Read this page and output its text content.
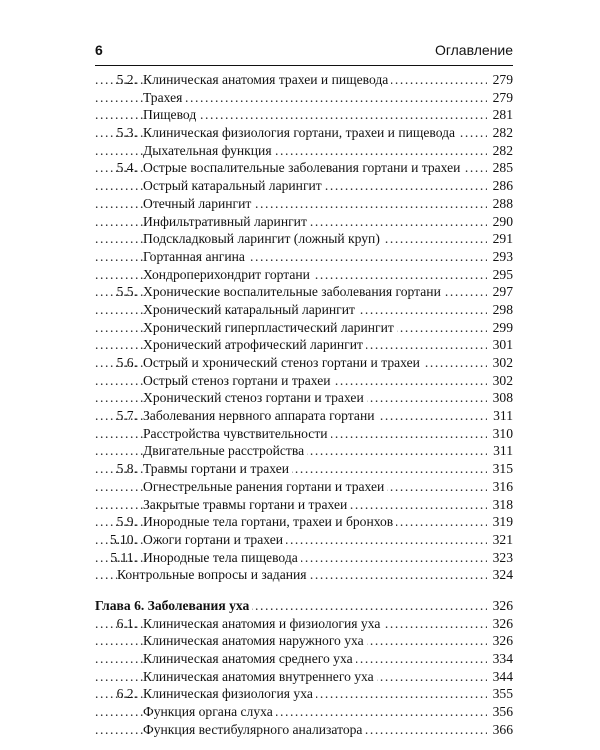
6	Оглавление
.....
5.2. Клиническая анатомия трахеи и пищевода	279
.....
Трахея	279
.....
Пищевод	281
.....
5.3. Клиническая физиология гортани, трахеи и пищевода	282
.....
Дыхательная функция	282
.....
5.4. Острые воспалительные заболевания гортани и трахеи 285
.....
Острый катаральный ларингит	286
.....
Отечный ларингит	288
.....
Инфильтративный ларингит	290
.....
Подскладковый ларингит (ложный круп)	291
.....
Гортанная ангина	293
.....
Хондроперихондрит гортани	295
.....
5.5. Хронические воспалительные заболевания гортани	297
.....
Хронический катаральный ларингит	298
.....
Хронический гиперпластический ларингит	299
.....
Хронический атрофический ларингит	301
.....
5.6. Острый и хронический стеноз гортани и трахеи	302
.....
Острый стеноз гортани и трахеи	302
.....
Хронический стеноз гортани и трахеи	308
.....
5.7. Заболевания нервного аппарата гортани	311
.....
Расстройства чувствительности	310
.....
Двигательные расстройства	311
.....
5.8. Травмы гортани и трахеи	315
.....
Огнестрельные ранения гортани и трахеи	316
.....
Закрытые травмы гортани и трахеи	318
.....
5.9. Инородные тела гортани, трахеи и бронхов	319
.....
5.10. Ожоги гортани и трахеи	321
.....
5.11. Инородные тела пищевода	323
.....
Контрольные вопросы и задания	324
.....
Глава 6. Заболевания уха	326
.....
6.1. Клиническая анатомия и физиология уха	326
.....
Клиническая анатомия наружного уха	326
.....
Клиническая анатомия среднего уха	334
.....
Клиническая анатомия внутреннего уха	344
.....
6.2. Клиническая физиология уха	355
.....
Функция органа слуха	356
.....
Функция вестибулярного анализатора	366
